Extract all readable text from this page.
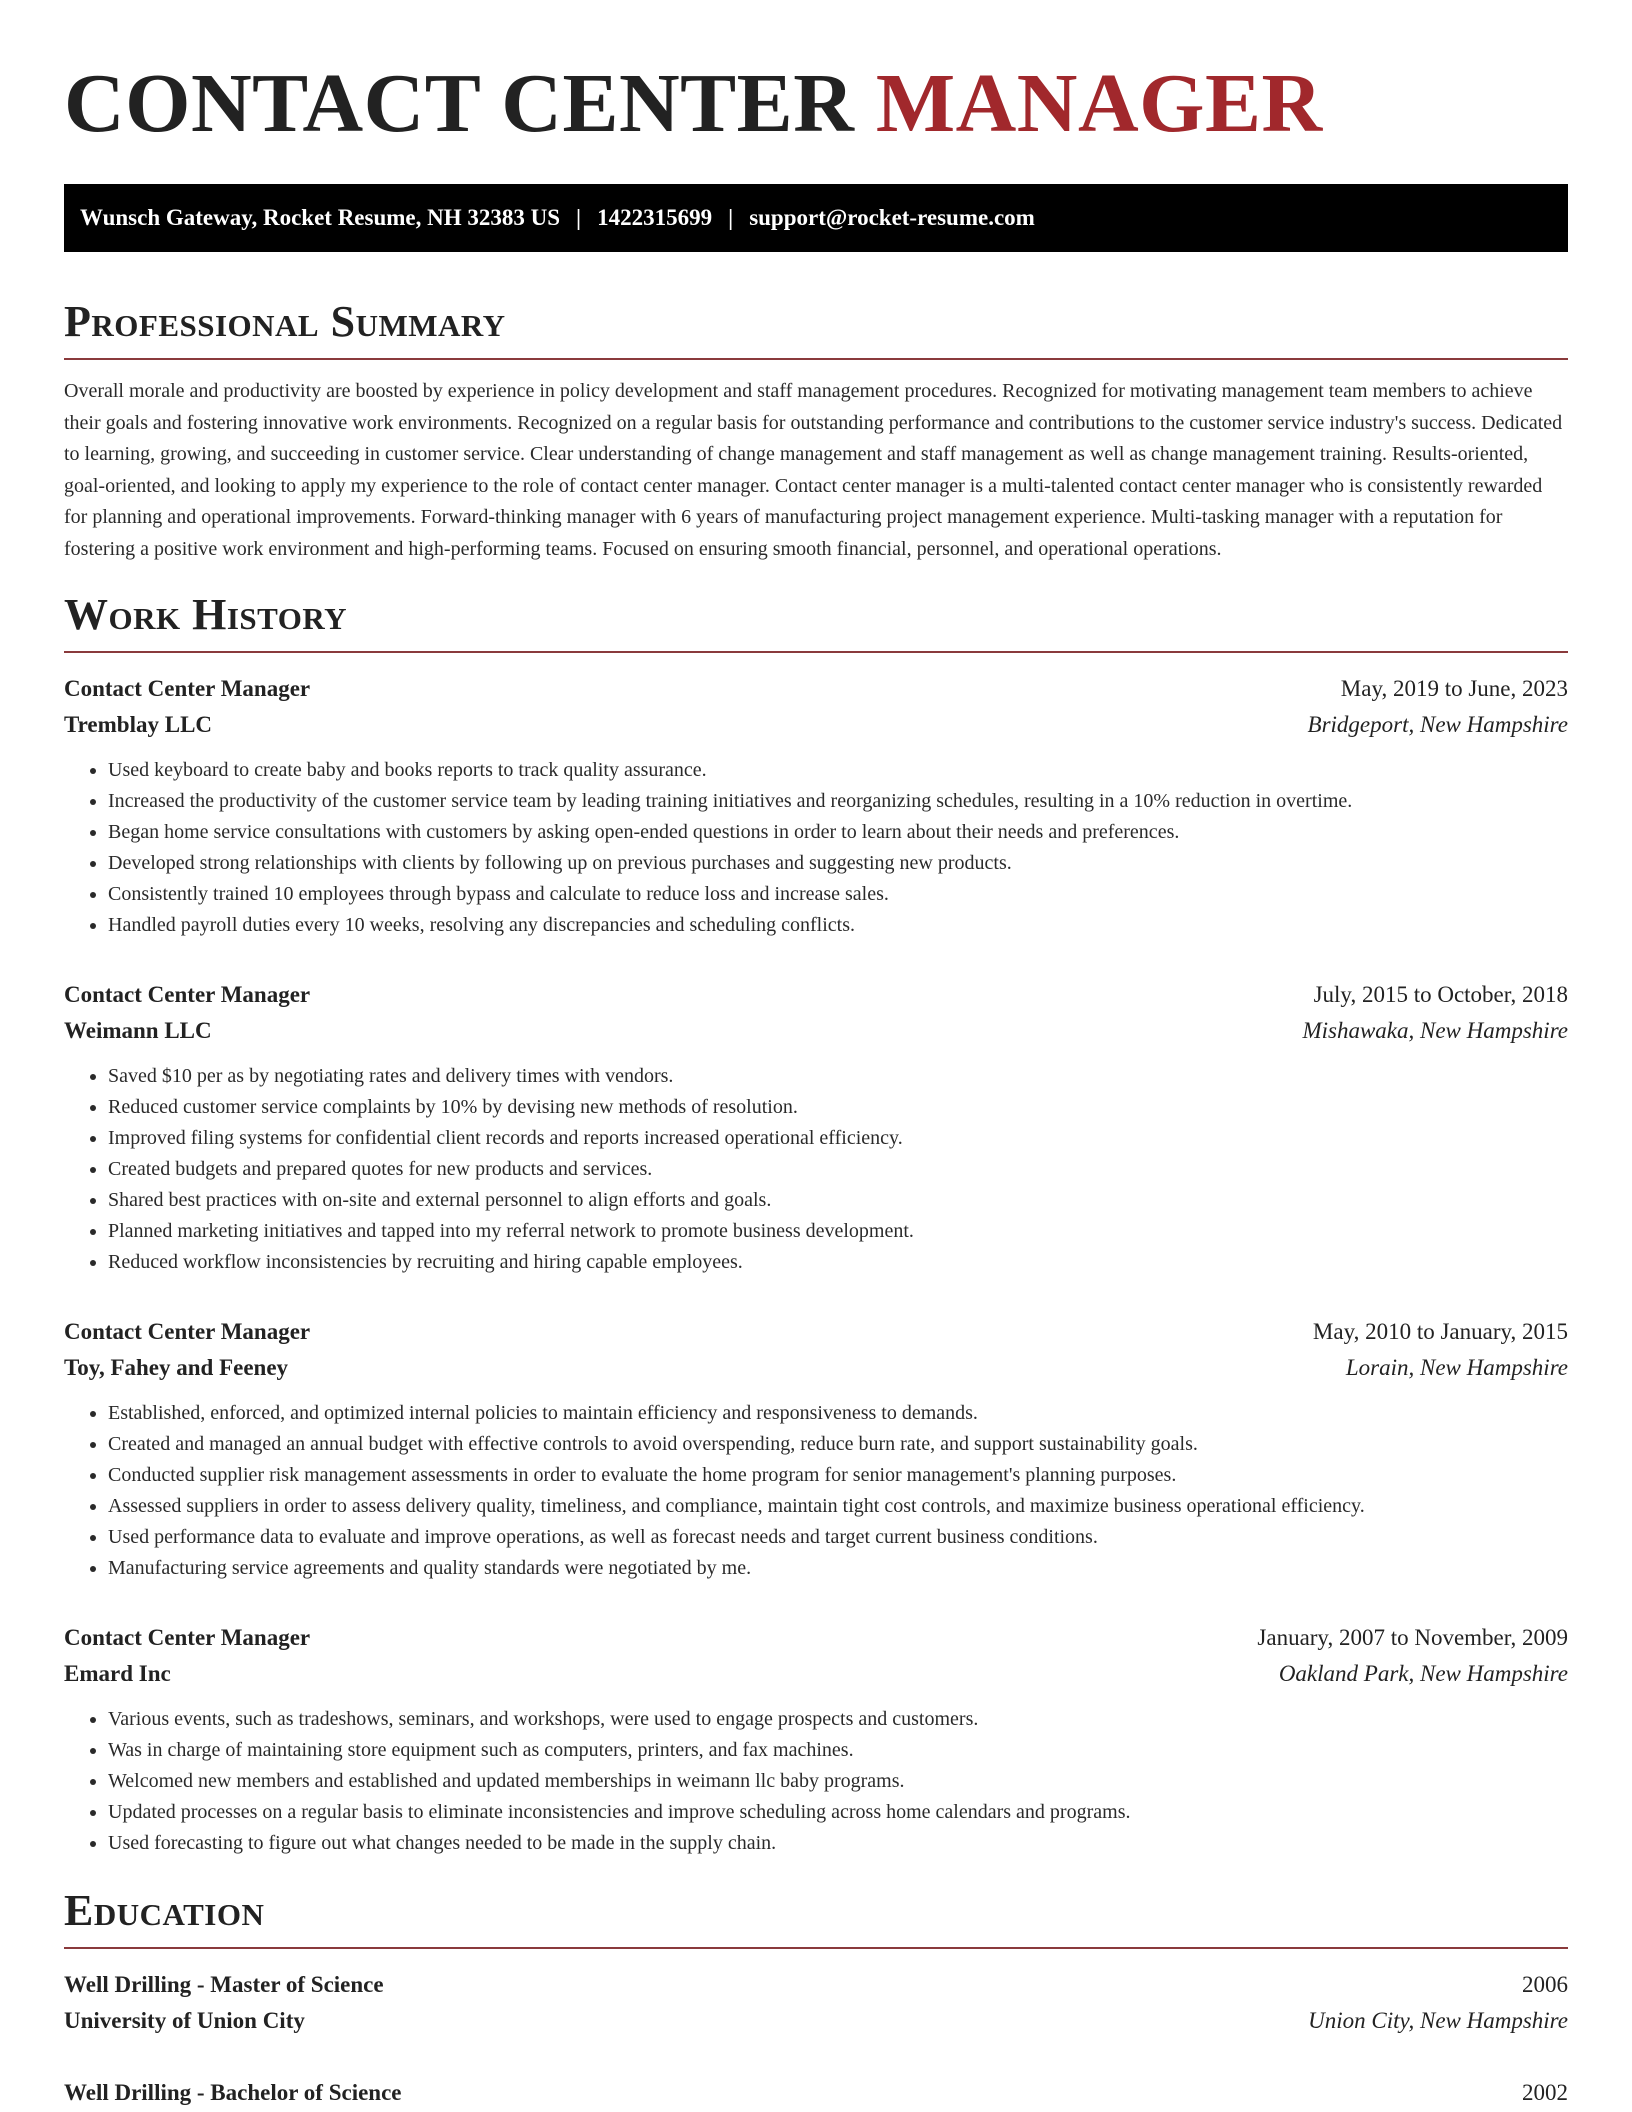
CONTACT CENTER MANAGER
Wunsch Gateway, Rocket Resume, NH 32383 US | 1422315699 | support@rocket-resume.com
Professional Summary

Overall morale and productivity are boosted by experience in policy development and staff management procedures. Recognized for motivating management team members to achieve their goals and fostering innovative work environments. Recognized on a regular basis for outstanding performance and contributions to the customer service industry's success. Dedicated to learning, growing, and succeeding in customer service. Clear understanding of change management and staff management as well as change management training. Results-oriented, goal-oriented, and looking to apply my experience to the role of contact center manager. Contact center manager is a multi-talented contact center manager who is consistently rewarded for planning and operational improvements. Forward-thinking manager with 6 years of manufacturing project management experience. Multi-tasking manager with a reputation for fostering a positive work environment and high-performing teams. Focused on ensuring smooth financial, personnel, and operational operations.

Work History
Contact Center Manager	May, 2019 to June, 2023
Tremblay LLC	Bridgeport, New Hampshire
• Used keyboard to create baby and books reports to track quality assurance.
• Increased the productivity of the customer service team by leading training initiatives and reorganizing schedules, resulting in a 10% reduction in overtime.
• Began home service consultations with customers by asking open-ended questions in order to learn about their needs and preferences.
• Developed strong relationships with clients by following up on previous purchases and suggesting new products.
• Consistently trained 10 employees through bypass and calculate to reduce loss and increase sales.
• Handled payroll duties every 10 weeks, resolving any discrepancies and scheduling conflicts.
Contact Center Manager	July, 2015 to October, 2018
Weimann LLC	Mishawaka, New Hampshire
• Saved $10 per as by negotiating rates and delivery times with vendors.
• Reduced customer service complaints by 10% by devising new methods of resolution.
• Improved filing systems for confidential client records and reports increased operational efficiency.
• Created budgets and prepared quotes for new products and services.
• Shared best practices with on-site and external personnel to align efforts and goals.
• Planned marketing initiatives and tapped into my referral network to promote business development.
• Reduced workflow inconsistencies by recruiting and hiring capable employees.
Contact Center Manager	May, 2010 to January, 2015
Toy, Fahey and Feeney	Lorain, New Hampshire
• Established, enforced, and optimized internal policies to maintain efficiency and responsiveness to demands.
• Created and managed an annual budget with effective controls to avoid overspending, reduce burn rate, and support sustainability goals.
• Conducted supplier risk management assessments in order to evaluate the home program for senior management's planning purposes.
• Assessed suppliers in order to assess delivery quality, timeliness, and compliance, maintain tight cost controls, and maximize business operational efficiency.
• Used performance data to evaluate and improve operations, as well as forecast needs and target current business conditions.
• Manufacturing service agreements and quality standards were negotiated by me.
Contact Center Manager	January, 2007 to November, 2009
Emard Inc	Oakland Park, New Hampshire
• Various events, such as tradeshows, seminars, and workshops, were used to engage prospects and customers.
• Was in charge of maintaining store equipment such as computers, printers, and fax machines.
• Welcomed new members and established and updated memberships in weimann llc baby programs.
• Updated processes on a regular basis to eliminate inconsistencies and improve scheduling across home calendars and programs.
• Used forecasting to figure out what changes needed to be made in the supply chain.
Education
Well Drilling - Master of Science	2006
University of Union City	Union City, New Hampshire
Well Drilling - Bachelor of Science	2002
